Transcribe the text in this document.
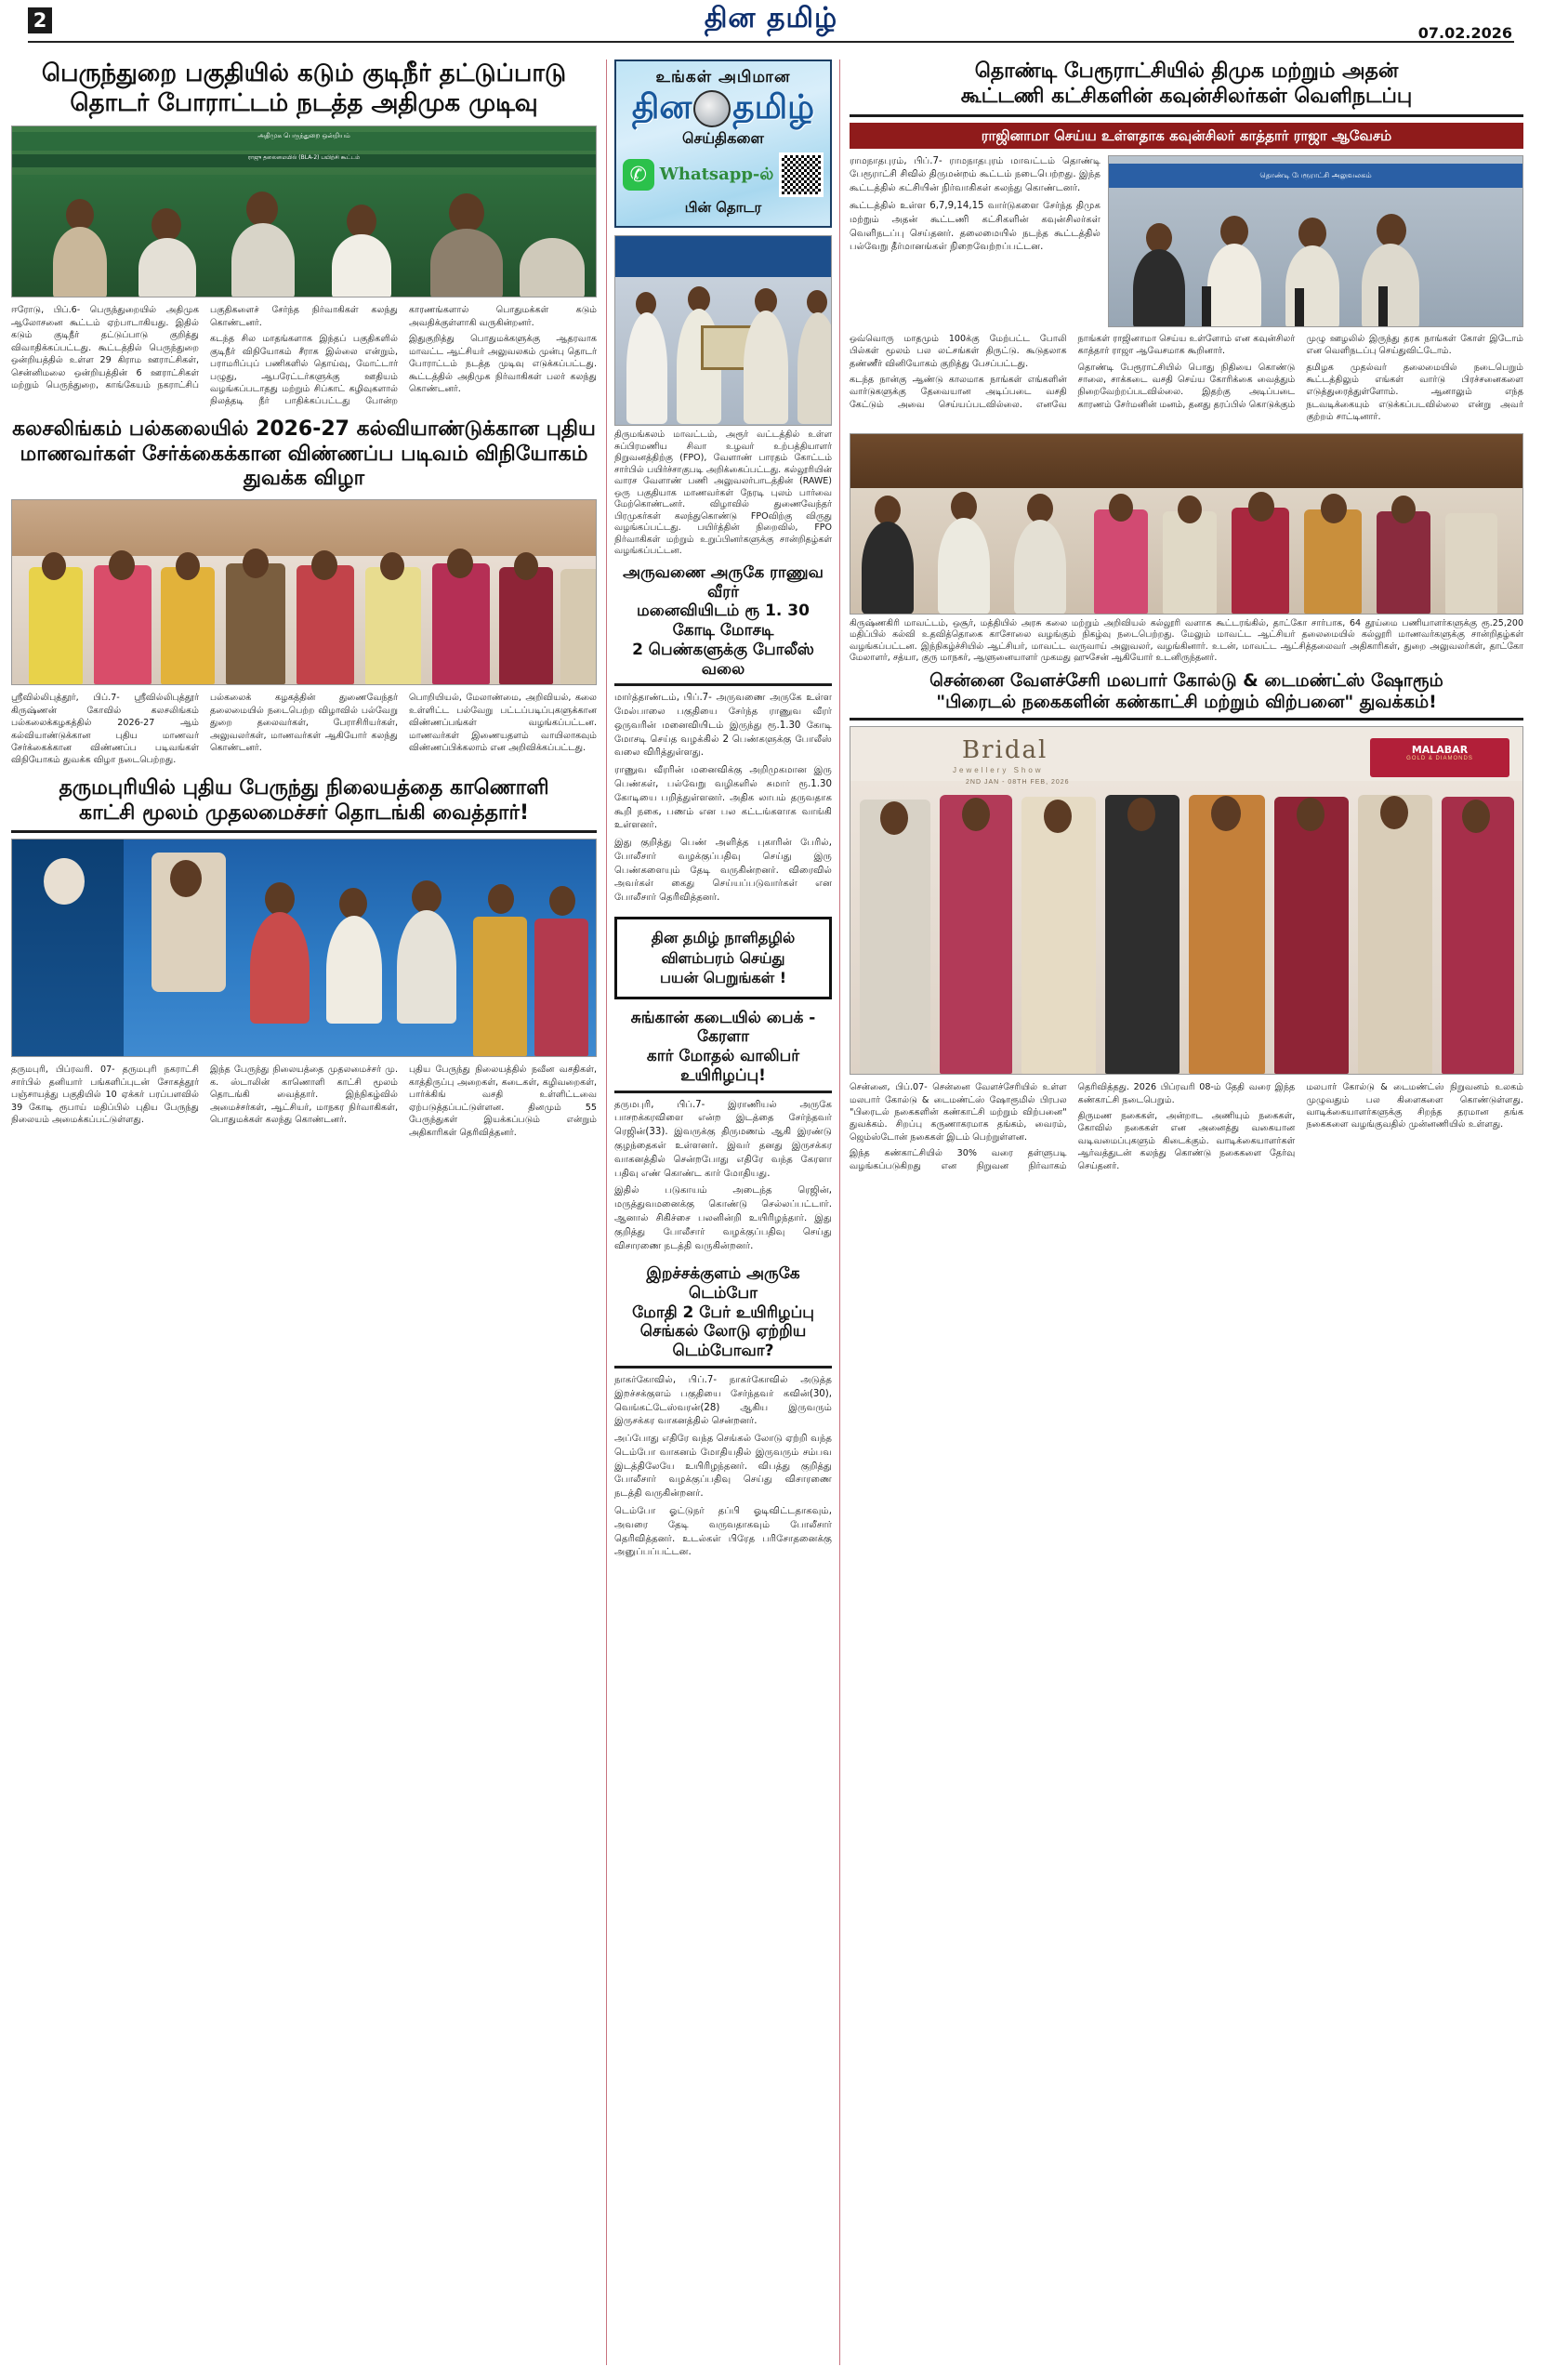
2	தின தமிழ்	07.02.2026
பெருந்துறை பகுதியில் கடும் குடிநீர் தட்டுப்பாடு
தொடர் போராட்டம் நடத்த அதிமுக முடிவு
அதிமுக பெருந்துறை ஒன்றியம்
ராஜு தலைமையில் (BLA-2) பயிற்சி கூட்டம்

ஈரோடு, பிப்.6- பெருந்துறையில் அதிமுக ஆலோசனை கூட்டம் ஏற்பாடாகியது. இதில் கடும் குடிநீர் தட்டுப்பாடு குறித்து விவாதிக்கப்பட்டது. கூட்டத்தில் பெருந்துறை ஒன்றியத்தில் உள்ள 29 கிராம ஊராட்சிகள், சென்னிமலை ஒன்றியத்தின் 6 ஊராட்சிகள் மற்றும் பெருந்துறை, காங்கேயம் நகராட்சிப் பகுதிகளைச் சேர்ந்த நிர்வாகிகள் கலந்து கொண்டனர்.

கடந்த சில மாதங்களாக இந்தப் பகுதிகளில் குடிநீர் விநியோகம் சீராக இல்லை என்றும், பராமரிப்புப் பணிகளில் தொய்வு, மோட்டார் பழுது, ஆபரேட்டர்களுக்கு ஊதியம் வழங்கப்படாதது மற்றும் சிப்காட் கழிவுகளால் நிலத்தடி நீர் பாதிக்கப்பட்டது போன்ற காரணங்களால் பொதுமக்கள் கடும் அவதிக்குள்ளாகி வருகின்றனர்.

இதுகுறித்து பொதுமக்களுக்கு ஆதரவாக மாவட்ட ஆட்சியர் அலுவலகம் முன்பு தொடர் போராட்டம் நடத்த முடிவு எடுக்கப்பட்டது. கூட்டத்தில் அதிமுக நிர்வாகிகள் பலர் கலந்து கொண்டனர்.

கலசலிங்கம் பல்கலையில் 2026-27 கல்வியாண்டுக்கான புதிய
மாணவர்கள் சேர்க்கைக்கான விண்ணப்ப படிவம் விநியோகம் துவக்க விழா

ஸ்ரீவில்லிபுத்தூர், பிப்.7- ஸ்ரீவில்லிபுத்தூர் கிருஷ்ணன் கோவில் கலசலிங்கம் பல்கலைக்கழகத்தில் 2026-27 ஆம் கல்வியாண்டுக்கான புதிய மாணவர் சேர்க்கைக்கான விண்ணப்ப படிவங்கள் விநியோகம் துவக்க விழா நடைபெற்றது.

பல்கலைக் கழகத்தின் துணைவேந்தர் தலைமையில் நடைபெற்ற விழாவில் பல்வேறு துறை தலைவர்கள், பேராசிரியர்கள், அலுவலர்கள், மாணவர்கள் ஆகியோர் கலந்து கொண்டனர்.

பொறியியல், மேலாண்மை, அறிவியல், கலை உள்ளிட்ட பல்வேறு பட்டப்படிப்புகளுக்கான விண்ணப்பங்கள் வழங்கப்பட்டன. மாணவர்கள் இணையதளம் வாயிலாகவும் விண்ணப்பிக்கலாம் என அறிவிக்கப்பட்டது.

தருமபுரியில் புதிய பேருந்து நிலையத்தை காணொளி
காட்சி மூலம் முதலமைச்சர் தொடங்கி வைத்தார்!

தருமபுரி, பிப்ரவரி. 07- தருமபுரி நகராட்சி சார்பில் தனியார் பங்களிப்புடன் சோகத்தூர் பஞ்சாயத்து பகுதியில் 10 ஏக்கர் பரப்பளவில் 39 கோடி ரூபாய் மதிப்பில் புதிய பேருந்து நிலையம் அமைக்கப்பட்டுள்ளது.

இந்த பேருந்து நிலையத்தை முதலமைச்சர் மு. க. ஸ்டாலின் காணொளி காட்சி மூலம் தொடங்கி வைத்தார். இந்நிகழ்வில் அமைச்சர்கள், ஆட்சியர், மாநகர நிர்வாகிகள், பொதுமக்கள் கலந்து கொண்டனர்.

புதிய பேருந்து நிலையத்தில் நவீன வசதிகள், காத்திருப்பு அறைகள், கடைகள், கழிவறைகள், பார்க்கிங் வசதி உள்ளிட்டவை ஏற்படுத்தப்பட்டுள்ளன. தினமும் 55 பேருந்துகள் இயக்கப்படும் என்றும் அதிகாரிகள் தெரிவித்தனர்.

உங்கள் அபிமான
தின தமிழ்
செய்திகளை
✆
Whatsapp-ல்
பின் தொடர
திருமங்கலம் மாவட்டம், அரூர் வட்டத்தில் உள்ள சுப்பிரமணிய சிவா உழவர் உற்பத்தியாளர் நிறுவனத்திற்கு (FPO), வேளாண் பாரதம் கோட்டம் சார்பில் பயிர்ச்சாகுபடி அறிக்கைப்பட்டது. கல்லூரியின் வாரச வேளாண் பணி அலுவலர்பாடத்தின் (RAWE) ஒரு பகுதியாக மாணவர்கள் நேரடி புலம் பார்வை மேற்கொண்டனர். விழாவில் துணைவேந்தர் பிரமுகர்கள் கலந்துகொண்டு FPOவிற்கு விருது வழங்கப்பட்டது. பயிர்த்தின் நிறைவில், FPO நிர்வாகிகள் மற்றும் உறுப்பினர்களுக்கு சான்றிதழ்கள் வழங்கப்பட்டன.
அருவணை அருகே ராணுவ வீரர்
மனைவியிடம் ரூ 1. 30 கோடி மோசடி
2 பெண்களுக்கு போலீஸ் வலை

மார்த்தாண்டம், பிப்.7- அருவணை அருகே உள்ள மேல்பாலை பகுதியை சேர்ந்த ராணுவ வீரர் ஒருவரின் மனைவியிடம் இருந்து ரூ.1.30 கோடி மோசடி செய்த வழக்கில் 2 பெண்களுக்கு போலீஸ் வலை விரித்துள்ளது.

ராணுவ வீரரின் மனைவிக்கு அறிமுகமான இரு பெண்கள், பல்வேறு வழிகளில் சுமார் ரூ.1.30 கோடியை பறித்துள்ளனர். அதிக லாபம் தருவதாக கூறி நகை, பணம் என பல கட்டங்களாக வாங்கி உள்ளனர்.

இது குறித்து பெண் அளித்த புகாரின் பேரில், போலீசார் வழக்குப்பதிவு செய்து இரு பெண்களையும் தேடி வருகின்றனர். விரைவில் அவர்கள் கைது செய்யப்படுவார்கள் என போலீசார் தெரிவித்தனர்.

தின தமிழ் நாளிதழில்
விளம்பரம் செய்து
பயன் பெறுங்கள் !
சுங்கான் கடையில் பைக் - கேரளா
கார் மோதல் வாலிபர் உயிரிழப்பு!

தருமபுரி, பிப்.7- இராணியல் அருகே பாசறக்கரவிளை என்ற இடத்தை சேர்ந்தவர் ரெஜின்(33). இவருக்கு திருமணம் ஆகி இரண்டு குழந்தைகள் உள்ளனர். இவர் தனது இருசக்கர வாகனத்தில் சென்றபோது எதிரே வந்த கேரளா பதிவு எண் கொண்ட கார் மோதியது.

இதில் படுகாயம் அடைந்த ரெஜின், மருத்துவமனைக்கு கொண்டு செல்லப்பட்டார். ஆனால் சிகிச்சை பலனின்றி உயிரிழந்தார். இது குறித்து போலீசார் வழக்குப்பதிவு செய்து விசாரணை நடத்தி வருகின்றனர்.

இறச்சக்குளம் அருகே டெம்போ
மோதி 2 பேர் உயிரிழப்பு
செங்கல் லோடு ஏற்றிய டெம்போவா?

நாகர்கோவில், பிப்.7- நாகர்கோவில் அடுத்த இறச்சக்குளம் பகுதியை சேர்ந்தவர் கவின்(30), வெங்கட்டேஸ்வரன்(28) ஆகிய இருவரும் இருசக்கர வாகனத்தில் சென்றனர்.

அப்போது எதிரே வந்த செங்கல் லோடு ஏற்றி வந்த டெம்போ வாகனம் மோதியதில் இருவரும் சம்பவ இடத்திலேயே உயிரிழந்தனர். விபத்து குறித்து போலீசார் வழக்குப்பதிவு செய்து விசாரணை நடத்தி வருகின்றனர்.

டெம்போ ஓட்டுநர் தப்பி ஓடிவிட்டதாகவும், அவரை தேடி வருவதாகவும் போலீசார் தெரிவித்தனர். உடல்கள் பிரேத பரிசோதனைக்கு அனுப்பப்பட்டன.

தொண்டி பேரூராட்சியில் திமுக மற்றும் அதன்
கூட்டணி கட்சிகளின் கவுன்சிலர்கள் வெளிநடப்பு
ராஜினாமா செய்ய உள்ளதாக கவுன்சிலர் காத்தார் ராஜா ஆவேசம்

ராமநாதபுரம், பிப்.7- ராமநாதபுரம் மாவட்டம் தொண்டி பேரூராட்சி சிவில் திருமன்றம் கூட்டம் நடைபெற்றது. இந்த கூட்டத்தில் கட்சியின் நிர்வாகிகள் கலந்து கொண்டனர்.

கூட்டத்தில் உள்ள 6,7,9,14,15 வார்டுகளை சேர்ந்த திமுக மற்றும் அதன் கூட்டணி கட்சிகளின் கவுன்சிலர்கள் வெளிநடப்பு செய்தனர். தலைமையில் நடந்த கூட்டத்தில் பல்வேறு தீர்மானங்கள் நிறைவேற்றப்பட்டன.

தொண்டி பேரூராட்சி அலுவலகம்

ஒவ்வொரு மாதமும் 100க்கு மேற்பட்ட போலி பில்கள் மூலம் பல லட்சங்கள் திருட்டு. கூடுதலாக தண்ணீர் வினியோகம் குறித்து பேசப்பட்டது.

கடந்த நான்கு ஆண்டு காலமாக நாங்கள் எங்களின் வார்டுகளுக்கு தேவையான அடிப்படை வசதி கேட்டும் அவை செய்யப்படவில்லை. எனவே நாங்கள் ராஜினாமா செய்ய உள்ளோம் என கவுன்சிலர் காத்தார் ராஜா ஆவேசமாக கூறினார்.

தொண்டி பேரூராட்சியில் பொது நிதியை கொண்டு சாலை, சாக்கடை வசதி செய்ய கோரிக்கை வைத்தும் நிறைவேற்றப்படவில்லை. இதற்கு அடிப்படை காரணம் சேர்மனின் மனம், தனது தரப்பில் கொடுக்கும் முழு ஊழலில் இருந்து தரக நாங்கள் கோள் இடோம் என வெளிநடப்பு செய்துவிட்டோம்.

தமிழக முதல்வர் தலைமையில் நடைபெறும் கூட்டத்திலும் எங்கள் வார்டு பிரச்சனைகளை எடுத்துரைத்துள்ளோம். ஆனாலும் எந்த நடவடிக்கையும் எடுக்கப்படவில்லை என்று அவர் குற்றம் சாட்டினார்.

கிருஷ்ணகிரி மாவட்டம், ஒசூர், மத்தியில் அரசு கலை மற்றும் அறிவியல் கல்லூரி வளாக கூட்டரங்கில், தாட்கோ சார்பாக, 64 தூய்மை பணியாளர்களுக்கு ரூ.25,200 மதிப்பில் கல்வி உதவித்தொகை காசோலை வழங்கும் நிகழ்வு நடைபெற்றது. மேலும் மாவட்ட ஆட்சியர் தலைமையில் கல்லூரி மாணவர்களுக்கு சான்றிதழ்கள் வழங்கப்பட்டன. இந்நிகழ்ச்சியில் ஆட்சியர், மாவட்ட வருவாய் அலுவலர், வழங்கினார். உடன், மாவட்ட ஆட்சித்தலைவர் அதிகாரிகள், துறை அலுவலர்கள், தாட்கோ மேலாளர், சத்யா, குரு மாநகர், ஆளுனையாளர் முகமது ஹுசேன் ஆகியோர் உடனிருந்தனர்.
சென்னை வேளச்சேரி மலபார் கோல்டு & டைமண்ட்ஸ் ஷோரூம்
"பிரைடல் நகைகளின் கண்காட்சி மற்றும் விற்பனை" துவக்கம்!
Bridal
Jewellery Show
MALABAR
GOLD & DIAMONDS
2ND JAN - 08TH FEB, 2026

சென்னை, பிப்.07- சென்னை வேளச்சேரியில் உள்ள மலபார் கோல்டு & டைமண்ட்ஸ் ஷோரூமில் பிரபல "பிரைடல் நகைகளின் கண்காட்சி மற்றும் விற்பனை" துவக்கம். சிறப்பு கருணாகரமாக தங்கம், வைரம், ஜெம்ஸ்டோன் நகைகள் இடம் பெற்றுள்ளன.

இந்த கண்காட்சியில் 30% வரை தள்ளுபடி வழங்கப்படுகிறது என நிறுவன நிர்வாகம் தெரிவித்தது. 2026 பிப்ரவரி 08-ம் தேதி வரை இந்த கண்காட்சி நடைபெறும்.

திருமண நகைகள், அன்றாட அணியும் நகைகள், கோவில் நகைகள் என அனைத்து வகையான வடிவமைப்புகளும் கிடைக்கும். வாடிக்கையாளர்கள் ஆர்வத்துடன் கலந்து கொண்டு நகைகளை தேர்வு செய்தனர்.

மலபார் கோல்டு & டைமண்ட்ஸ் நிறுவனம் உலகம் முழுவதும் பல கிளைகளை கொண்டுள்ளது. வாடிக்கையாளர்களுக்கு சிறந்த தரமான தங்க நகைகளை வழங்குவதில் முன்னணியில் உள்ளது.
